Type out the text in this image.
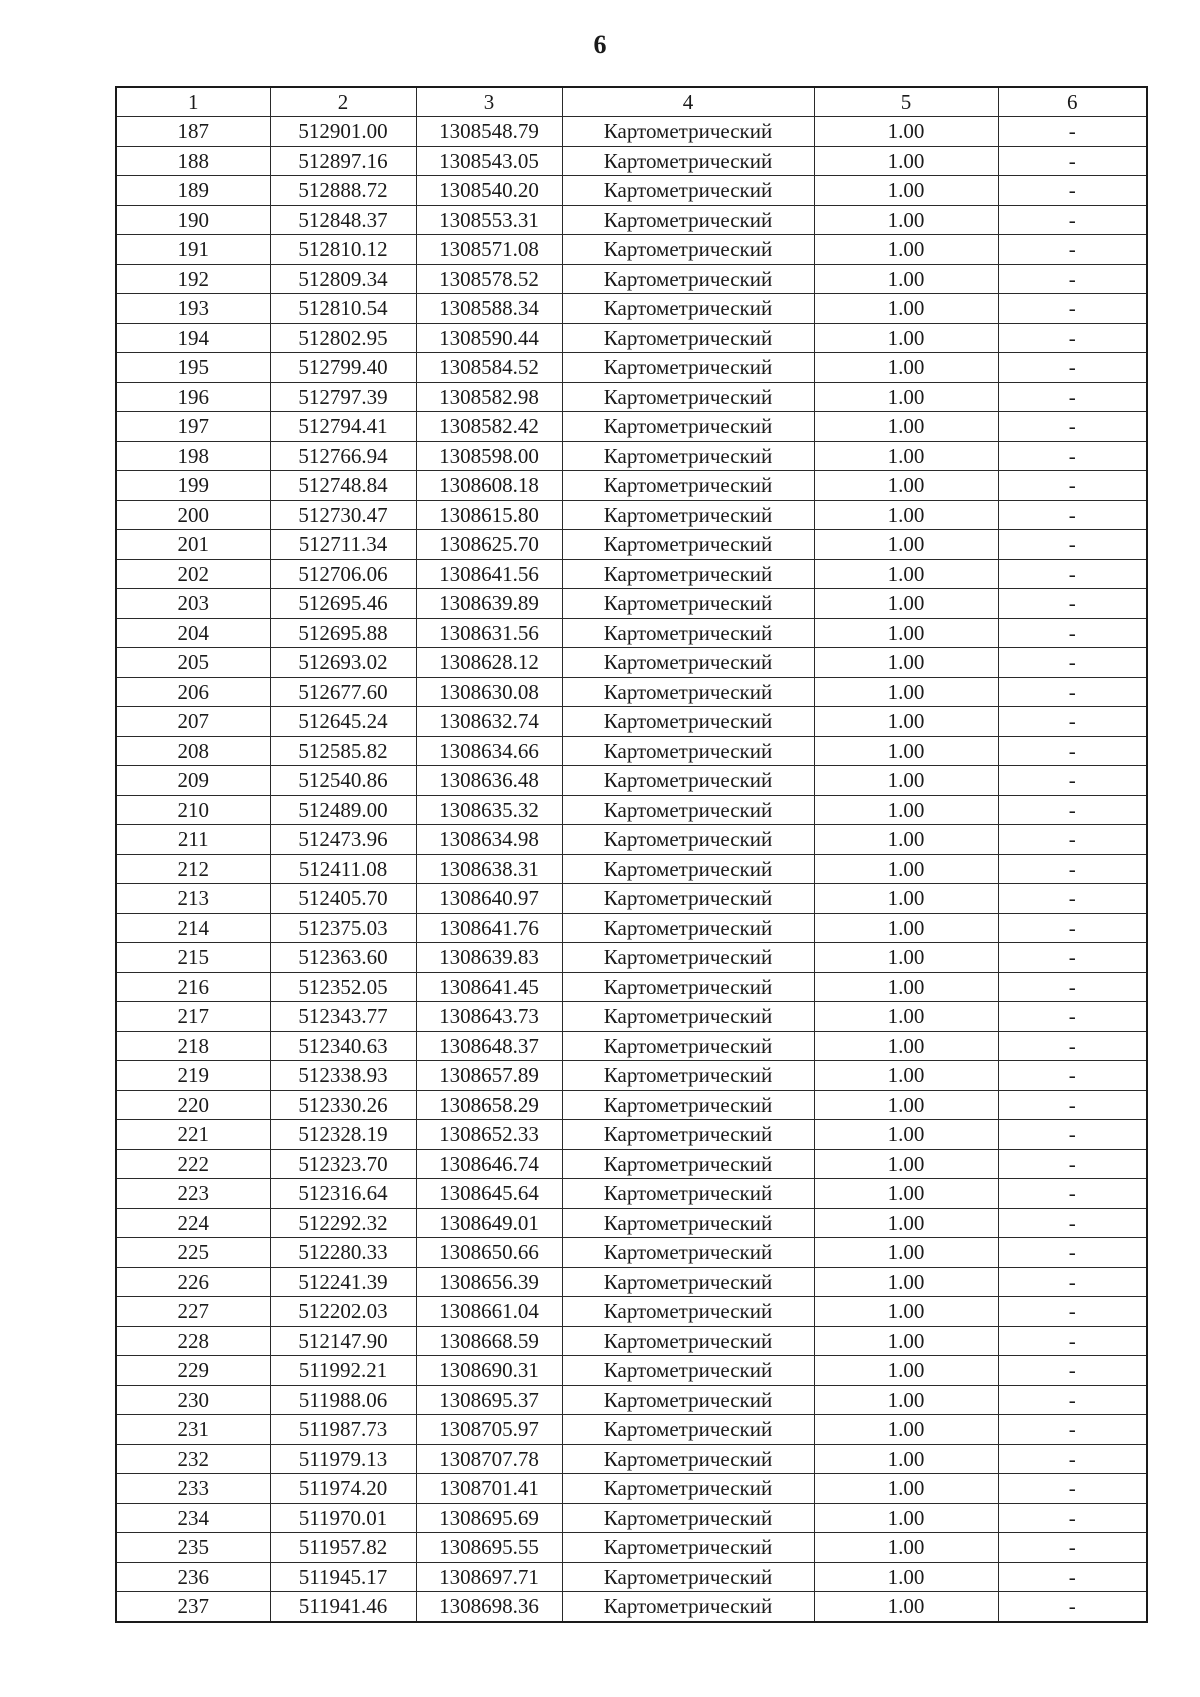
6
1	2	3	4	5	6
187	512901.00	1308548.79	Картометрический	1.00	-
188	512897.16	1308543.05	Картометрический	1.00	-
189	512888.72	1308540.20	Картометрический	1.00	-
190	512848.37	1308553.31	Картометрический	1.00	-
191	512810.12	1308571.08	Картометрический	1.00	-
192	512809.34	1308578.52	Картометрический	1.00	-
193	512810.54	1308588.34	Картометрический	1.00	-
194	512802.95	1308590.44	Картометрический	1.00	-
195	512799.40	1308584.52	Картометрический	1.00	-
196	512797.39	1308582.98	Картометрический	1.00	-
197	512794.41	1308582.42	Картометрический	1.00	-
198	512766.94	1308598.00	Картометрический	1.00	-
199	512748.84	1308608.18	Картометрический	1.00	-
200	512730.47	1308615.80	Картометрический	1.00	-
201	512711.34	1308625.70	Картометрический	1.00	-
202	512706.06	1308641.56	Картометрический	1.00	-
203	512695.46	1308639.89	Картометрический	1.00	-
204	512695.88	1308631.56	Картометрический	1.00	-
205	512693.02	1308628.12	Картометрический	1.00	-
206	512677.60	1308630.08	Картометрический	1.00	-
207	512645.24	1308632.74	Картометрический	1.00	-
208	512585.82	1308634.66	Картометрический	1.00	-
209	512540.86	1308636.48	Картометрический	1.00	-
210	512489.00	1308635.32	Картометрический	1.00	-
211	512473.96	1308634.98	Картометрический	1.00	-
212	512411.08	1308638.31	Картометрический	1.00	-
213	512405.70	1308640.97	Картометрический	1.00	-
214	512375.03	1308641.76	Картометрический	1.00	-
215	512363.60	1308639.83	Картометрический	1.00	-
216	512352.05	1308641.45	Картометрический	1.00	-
217	512343.77	1308643.73	Картометрический	1.00	-
218	512340.63	1308648.37	Картометрический	1.00	-
219	512338.93	1308657.89	Картометрический	1.00	-
220	512330.26	1308658.29	Картометрический	1.00	-
221	512328.19	1308652.33	Картометрический	1.00	-
222	512323.70	1308646.74	Картометрический	1.00	-
223	512316.64	1308645.64	Картометрический	1.00	-
224	512292.32	1308649.01	Картометрический	1.00	-
225	512280.33	1308650.66	Картометрический	1.00	-
226	512241.39	1308656.39	Картометрический	1.00	-
227	512202.03	1308661.04	Картометрический	1.00	-
228	512147.90	1308668.59	Картометрический	1.00	-
229	511992.21	1308690.31	Картометрический	1.00	-
230	511988.06	1308695.37	Картометрический	1.00	-
231	511987.73	1308705.97	Картометрический	1.00	-
232	511979.13	1308707.78	Картометрический	1.00	-
233	511974.20	1308701.41	Картометрический	1.00	-
234	511970.01	1308695.69	Картометрический	1.00	-
235	511957.82	1308695.55	Картометрический	1.00	-
236	511945.17	1308697.71	Картометрический	1.00	-
237	511941.46	1308698.36	Картометрический	1.00	-
